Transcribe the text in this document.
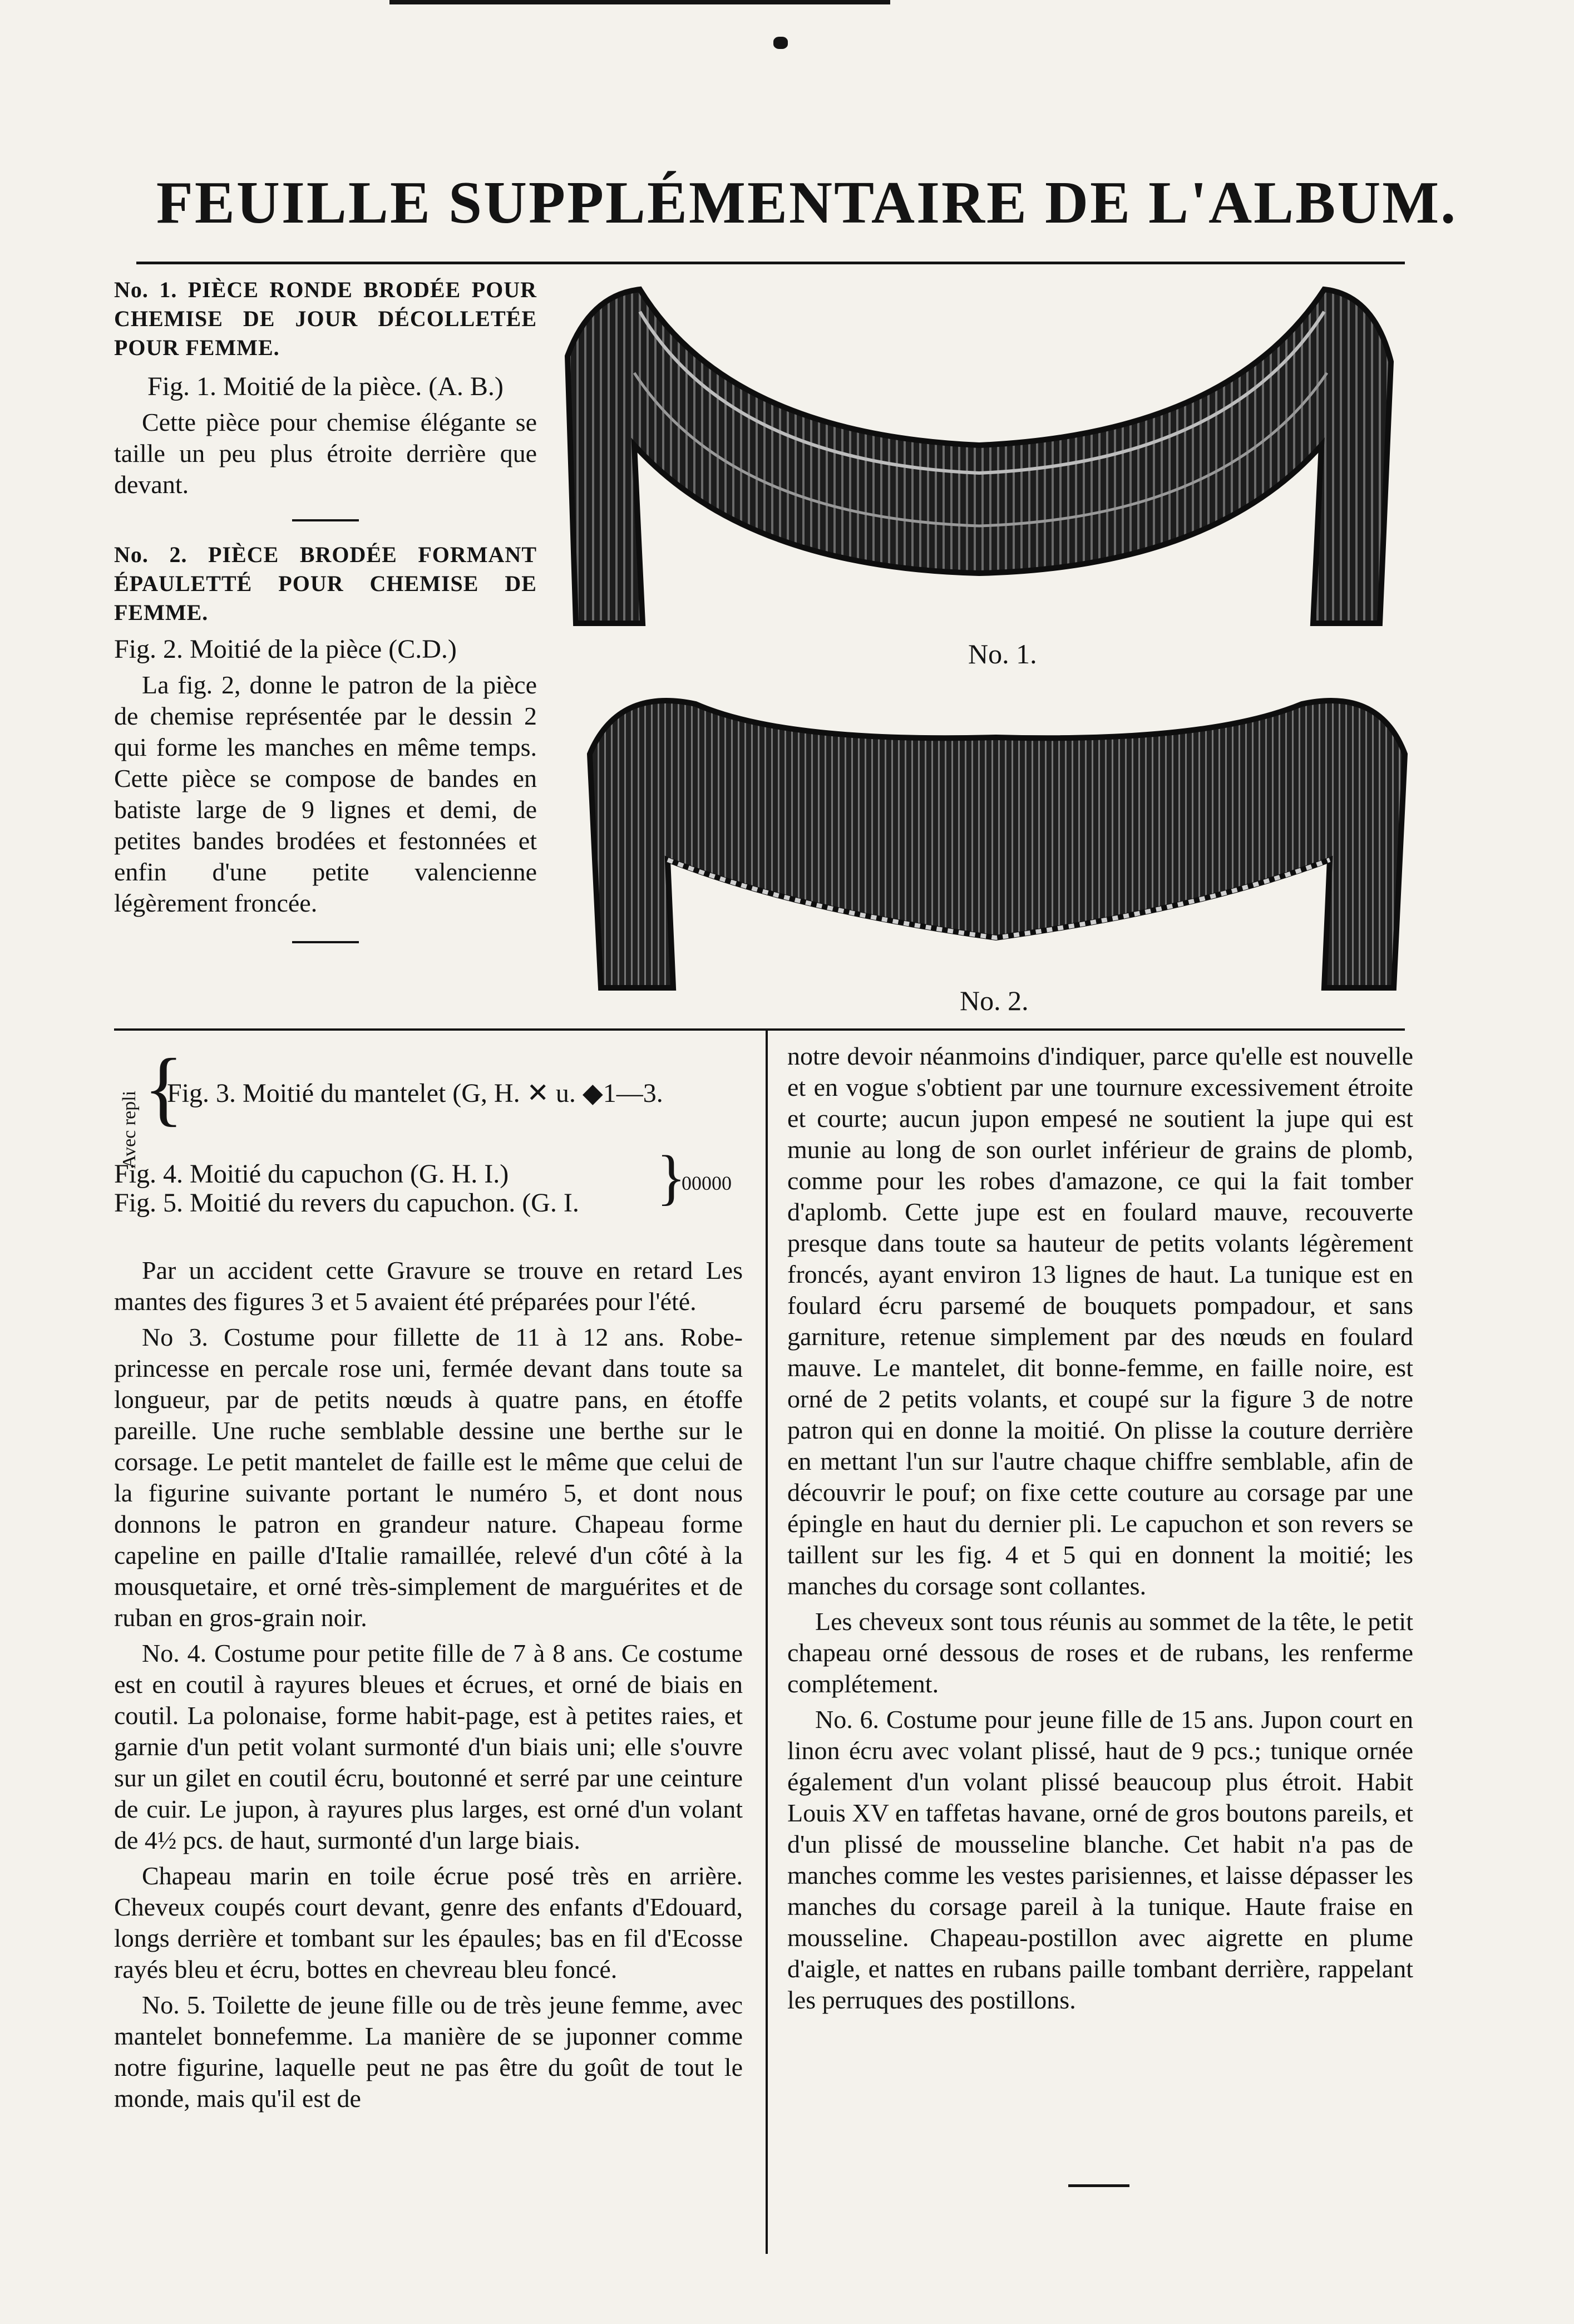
FEUILLE SUPPLÉMENTAIRE DE L'ALBUM.
No. 1. PIÈCE RONDE BRODÉE POUR CHEMISE DE JOUR DÉCOLLETÉE POUR FEMME.
Fig. 1. Moitié de la pièce. (A. B.)

Cette pièce pour chemise élégante se taille un peu plus étroite derrière que devant.

No. 2. PIÈCE BRODÉE FORMANT ÉPAULETTÉ POUR CHEMISE DE FEMME.
Fig. 2. Moitié de la pièce (C.D.)

La fig. 2, donne le patron de la pièce de chemise représentée par le dessin 2 qui forme les manches en même temps. Cette pièce se compose de bandes en batiste large de 9 lignes et demi, de petites bandes brodées et festonnées et enfin d'une petite valencienne légèrement froncée.

No. 1.
No. 2.
Avec repli {
Fig. 3. Moitié du mantelet (G, H. ✕ u. ◆1—3.
Fig. 4. Moitié du capuchon (G. H. I.)
Fig. 5. Moitié du revers du capuchon. (G. I.	}
00000

Par un accident cette Gravure se trouve en retard Les mantes des figures 3 et 5 avaient été préparées pour l'été.

No 3. Costume pour fillette de 11 à 12 ans. Robe-princesse en percale rose uni, fermée devant dans toute sa longueur, par de petits nœuds à quatre pans, en étoffe pareille. Une ruche semblable dessine une berthe sur le corsage. Le petit mantelet de faille est le même que celui de la figurine suivante portant le numéro 5, et dont nous donnons le patron en grandeur nature. Chapeau forme capeline en paille d'Italie ramaillée, relevé d'un côté à la mousquetaire, et orné très-simplement de marguérites et de ruban en gros-grain noir.

No. 4. Costume pour petite fille de 7 à 8 ans. Ce costume est en coutil à rayures bleues et écrues, et orné de biais en coutil. La polonaise, forme habit-page, est à petites raies, et garnie d'un petit volant surmonté d'un biais uni; elle s'ouvre sur un gilet en coutil écru, boutonné et serré par une ceinture de cuir. Le jupon, à rayures plus larges, est orné d'un volant de 4½ pcs. de haut, surmonté d'un large biais.

Chapeau marin en toile écrue posé très en arrière. Cheveux coupés court devant, genre des enfants d'Edouard, longs derrière et tombant sur les épaules; bas en fil d'Ecosse rayés bleu et écru, bottes en chevreau bleu foncé.

No. 5. Toilette de jeune fille ou de très jeune femme, avec mantelet bonnefemme. La manière de se juponner comme notre figurine, laquelle peut ne pas être du goût de tout le monde, mais qu'il est de

notre devoir néanmoins d'indiquer, parce qu'elle est nouvelle et en vogue s'obtient par une tournure excessivement étroite et courte; aucun jupon empesé ne soutient la jupe qui est munie au long de son ourlet inférieur de grains de plomb, comme pour les robes d'amazone, ce qui la fait tomber d'aplomb. Cette jupe est en foulard mauve, recouverte presque dans toute sa hauteur de petits volants légèrement froncés, ayant environ 13 lignes de haut. La tunique est en foulard écru parsemé de bouquets pompadour, et sans garniture, retenue simplement par des nœuds en foulard mauve. Le mantelet, dit bonne-femme, en faille noire, est orné de 2 petits volants, et coupé sur la figure 3 de notre patron qui en donne la moitié. On plisse la couture derrière en mettant l'un sur l'autre chaque chiffre semblable, afin de découvrir le pouf; on fixe cette couture au corsage par une épingle en haut du dernier pli. Le capuchon et son revers se taillent sur les fig. 4 et 5 qui en donnent la moitié; les manches du corsage sont collantes.

Les cheveux sont tous réunis au sommet de la tête, le petit chapeau orné dessous de roses et de rubans, les renferme complétement.

No. 6. Costume pour jeune fille de 15 ans. Jupon court en linon écru avec volant plissé, haut de 9 pcs.; tunique ornée également d'un volant plissé beaucoup plus étroit. Habit Louis XV en taffetas havane, orné de gros boutons pareils, et d'un plissé de mousseline blanche. Cet habit n'a pas de manches comme les vestes parisiennes, et laisse dépasser les manches du corsage pareil à la tunique. Haute fraise en mousseline. Chapeau-postillon avec aigrette en plume d'aigle, et nattes en rubans paille tombant derrière, rappelant les perruques des postillons.
